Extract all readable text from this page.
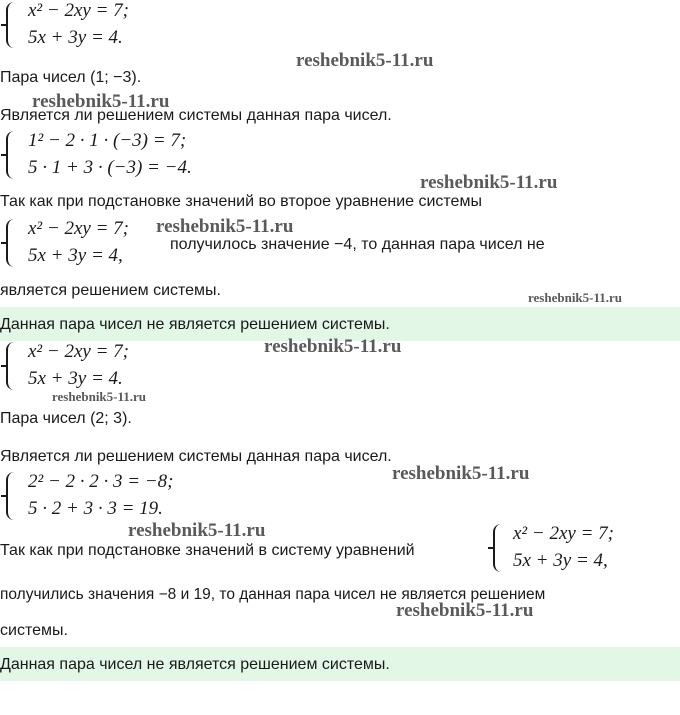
x² − 2xy = 7;
5x + 3y = 4.
Пара чисел (1; −3).
Является ли решением системы данная пара чисел.
1² − 2 · 1 · (−3) = 7;
5 · 1 + 3 · (−3) = −4.
Так как при подстановке значений во второе уравнение системы
x² − 2xy = 7;
5x + 3y = 4,
получилось значение −4, то данная пара чисел не
является решением системы.
Данная пара чисел не является решением системы.
x² − 2xy = 7;
5x + 3y = 4.
Пара чисел (2; 3).
Является ли решением системы данная пара чисел.
2² − 2 · 2 · 3 = −8;
5 · 2 + 3 · 3 = 19.
Так как при подстановке значений в систему уравнений
x² − 2xy = 7;
5x + 3y = 4,
получились значения −8 и 19, то данная пара чисел не является решением
системы.
Данная пара чисел не является решением системы.
reshebnik5-11.ru
reshebnik5-11.ru
reshebnik5-11.ru
reshebnik5-11.ru
reshebnik5-11.ru
reshebnik5-11.ru
reshebnik5-11.ru
reshebnik5-11.ru
reshebnik5-11.ru
reshebnik5-11.ru
